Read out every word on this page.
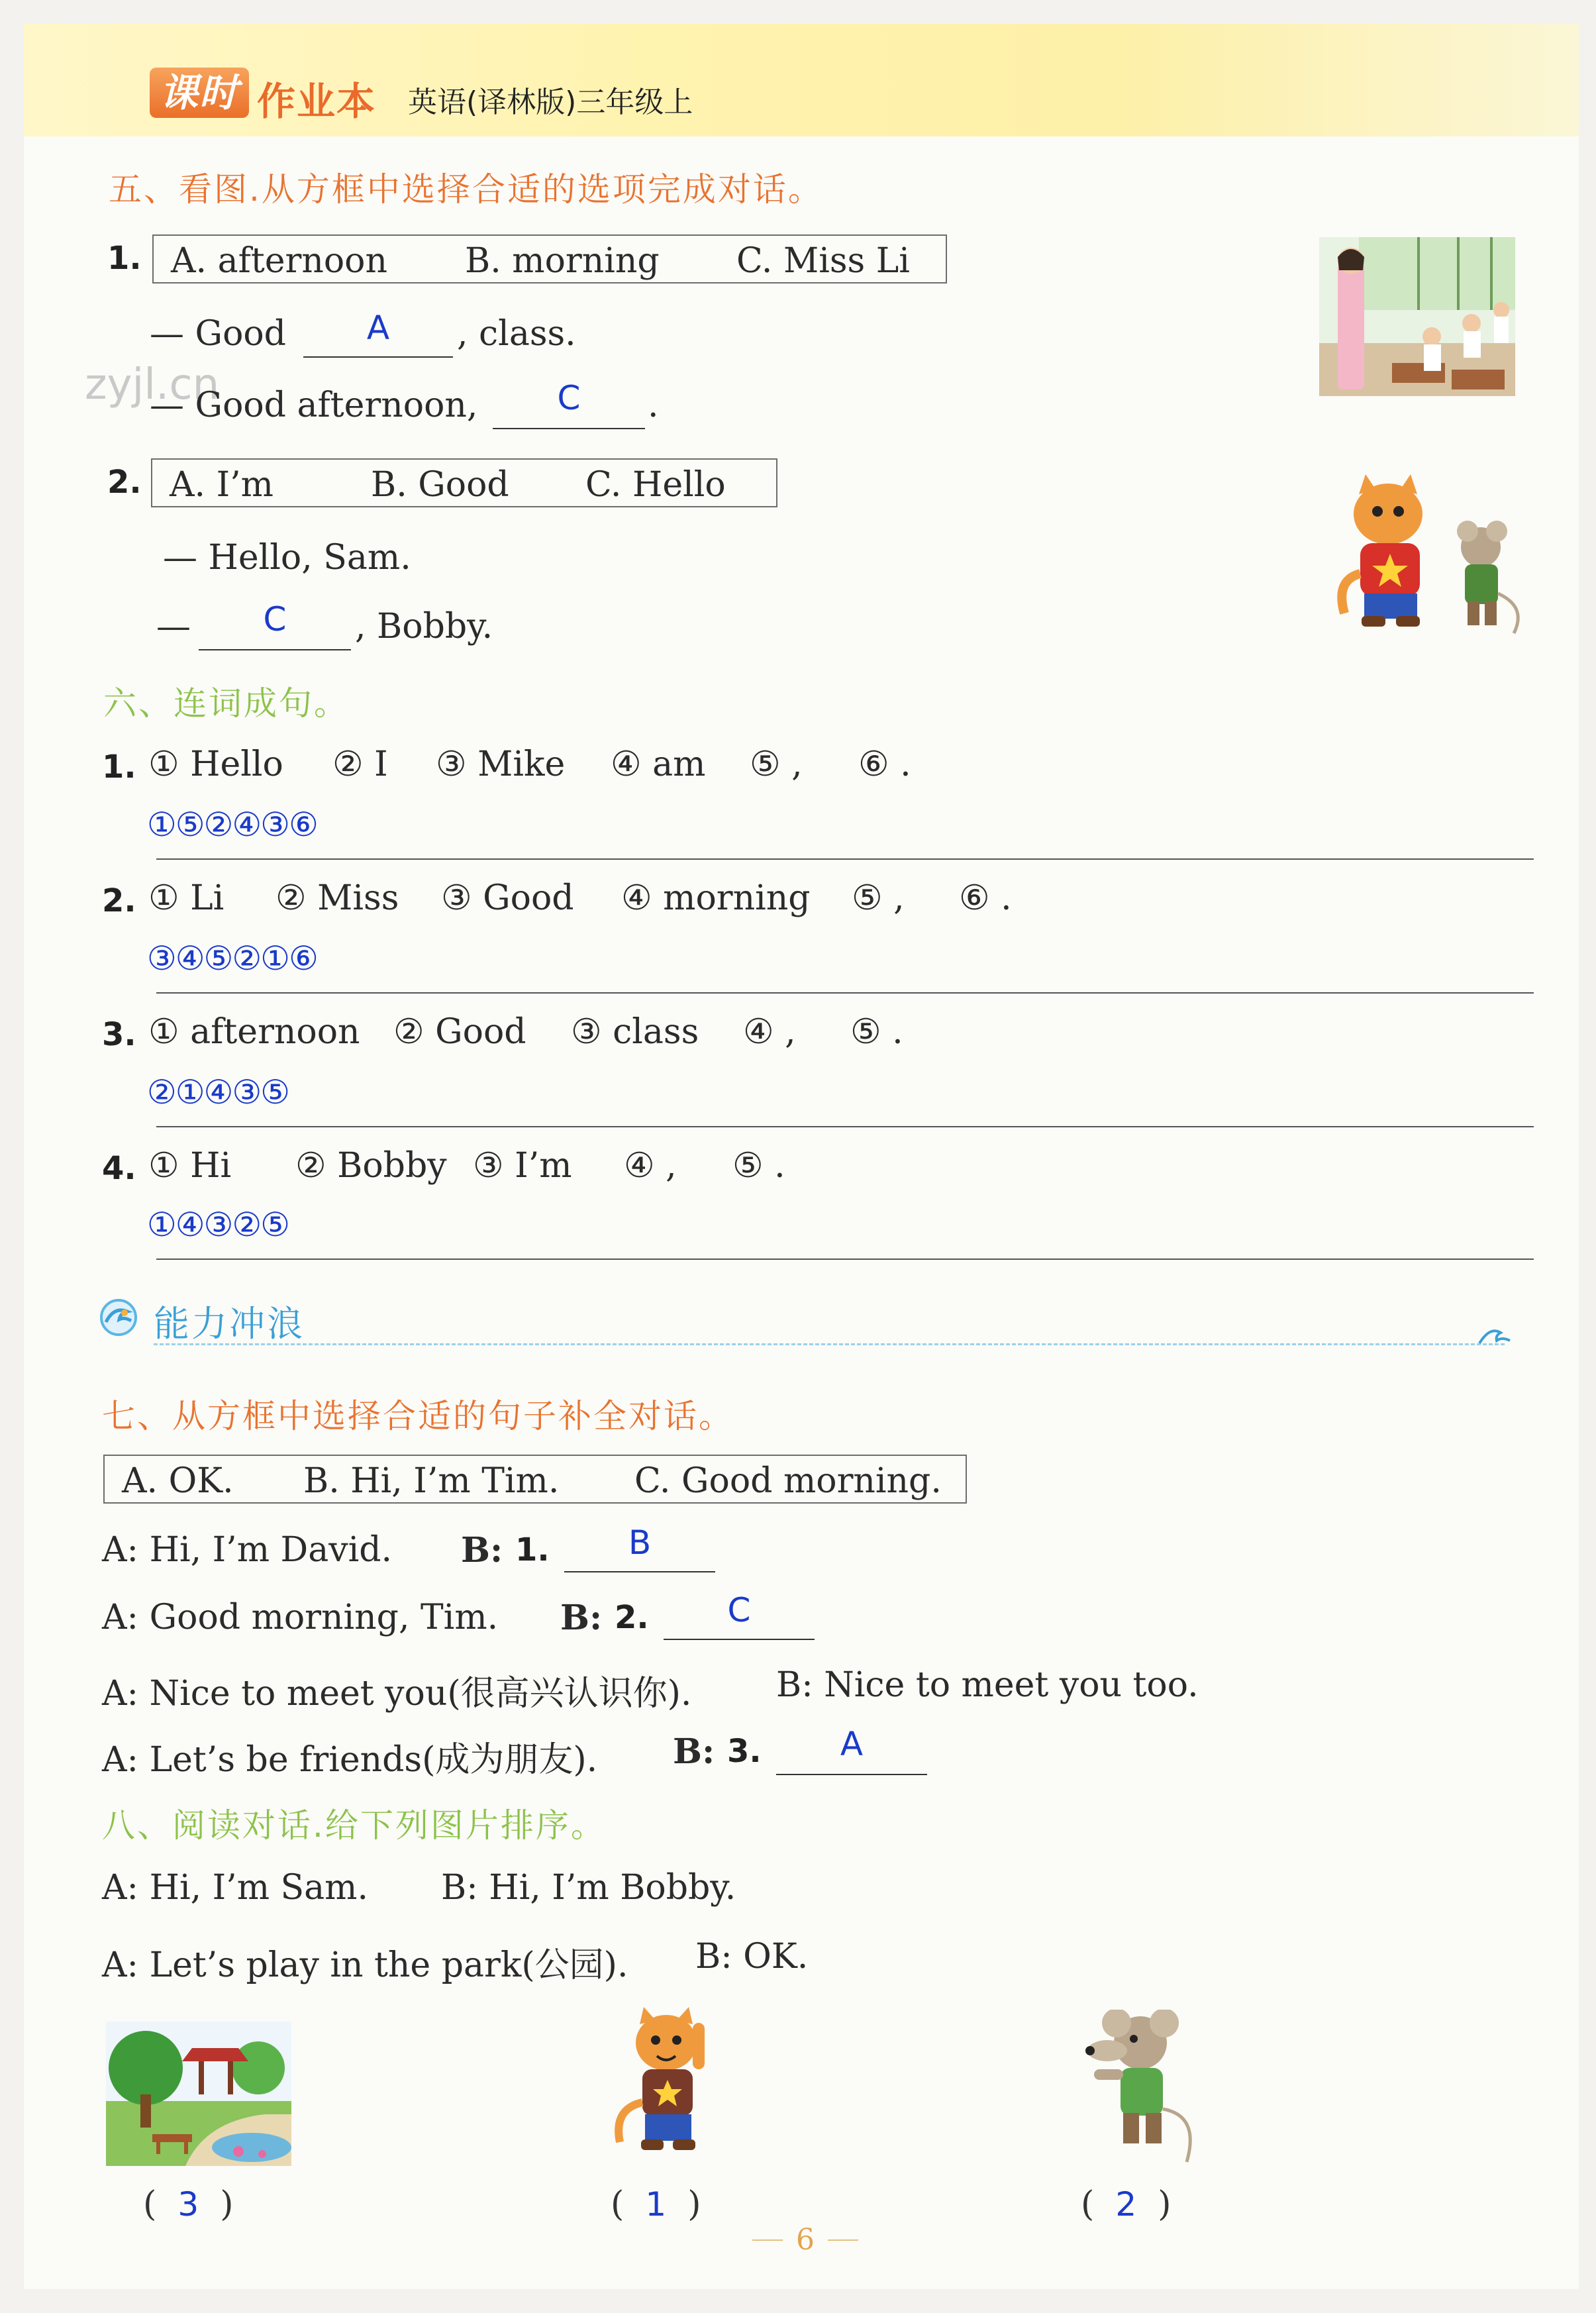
课时 作业本 英语(译林版)三年级上
zyjl.cn
五、看图.从方框中选择合适的选项完成对话。
1. A. afternoon B. morning C. Miss Li
— Good	A	, class.
— Good afternoon,	C	.
2. A. I’m	B. Good C. Hello
— Hello, Sam.
—	C	, Bobby.
六、连词成句。
1. ① Hello ② I ③ Mike ④ am ⑤ , ⑥ .
①⑤②④③⑥
2. ① Li ② Miss ③ Good ④ morning ⑤ , ⑥ .
③④⑤②①⑥
3. ① afternoon ② Good ③ class ④ , ⑤ .
②①④③⑤
4. ① Hi ② Bobby ③ I’m ④ , ⑤ .
①④③②⑤
能力冲浪
七、从方框中选择合适的句子补全对话。
A. OK. B. Hi, I’m Tim. C. Good morning.
A: Hi, I’m David. B: 1.	B
A: Good morning, Tim. B: 2.	C
A: Nice to meet you(很高兴认识你). B: Nice to meet you too.
A: Let’s be friends(成为朋友). B: 3.	A
八、阅读对话.给下列图片排序。
A: Hi, I’m Sam. B: Hi, I’m Bobby.
A: Let’s play in the park(公园). B: OK.
( 3 )	( 1 )	( 2 )
6
